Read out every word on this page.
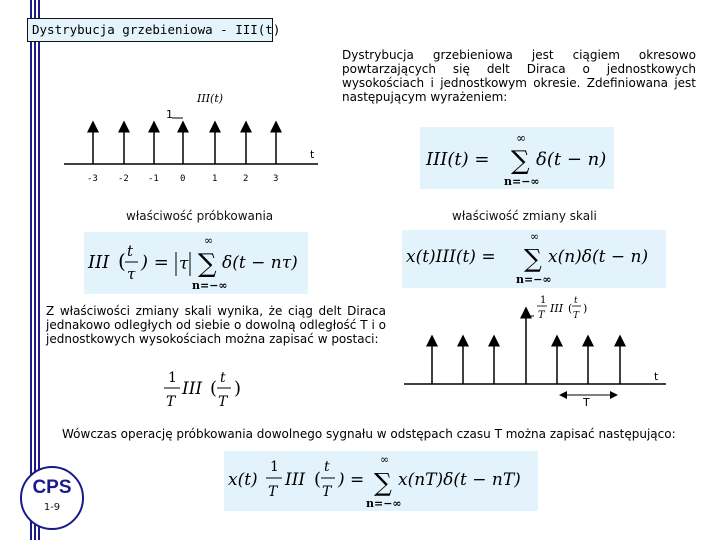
Dystrybucja grzebieniowa - III(t)
Dystrybucja grzebieniowa jest ciągiem okresowo powtarzających się delt Diraca o jednostkowych wysokościach i jednostkowym okresie. Zdefiniowana jest następującym wyrażeniem:
1
III(t)
t
-3 -2 -1 0	1	2	3
III(t) =
∞
∑
n=−∞
δ(t − n)
właściwość próbkowania	właściwość zmiany skali
III ( t
τ
) = τ
∞
∑
n=−∞
δ(t − nτ)	x(t)III(t) =
∞
∑
n=−∞
x(n)δ(t − n)
Z właściwości zmiany skali wynika, że ciąg delt Diraca jednakowo odległych od siebie o dowolną odległość T i o jednostkowych wysokościach można zapisać w postaci:
1
T
III ( t
T
)
1
T
III (
t
T
)
t
T
Wówczas operację próbkowania dowolnego sygnału w odstępach czasu T można zapisać następująco:
x(t)
1
T
III (
t
T
) =
∞
∑
n=−∞
x(nT)δ(t − nT)
CPS
1-9
